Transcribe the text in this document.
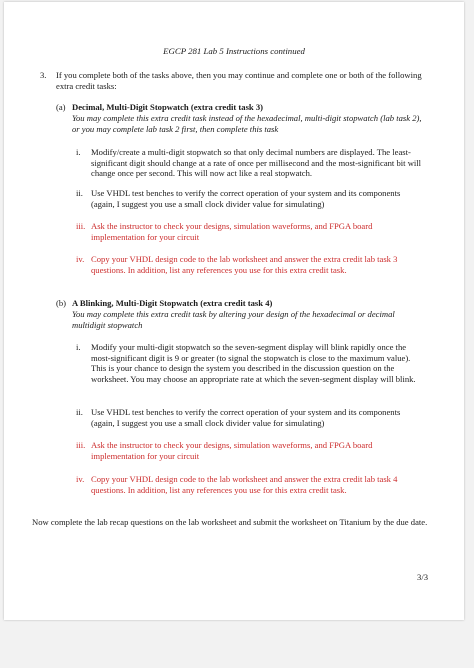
EGCP 281 Lab 5 Instructions continued

3. If you complete both of the tasks above, then you may continue and complete one or both of the following extra credit tasks:

(a) Decimal, Multi-Digit Stopwatch (extra credit task 3)

You may complete this extra credit task instead of the hexadecimal, multi-digit stopwatch (lab task 2), or you may complete lab task 2 first, then complete this task

i. Modify/create a multi-digit stopwatch so that only decimal numbers are displayed. The least-significant digit should change at a rate of once per millisecond and the most-significant bit will change once per second. This will now act like a real stopwatch.

ii. Use VHDL test benches to verify the correct operation of your system and its components (again, I suggest you use a small clock divider value for simulating)

iii. Ask the instructor to check your designs, simulation waveforms, and FPGA board implementation for your circuit

iv. Copy your VHDL design code to the lab worksheet and answer the extra credit lab task 3 questions. In addition, list any references you use for this extra credit task.

(b) A Blinking, Multi-Digit Stopwatch (extra credit task 4)

You may complete this extra credit task by altering your design of the hexadecimal or decimal multidigit stopwatch

i. Modify your multi-digit stopwatch so the seven-segment display will blink rapidly once the most-significant digit is 9 or greater (to signal the stopwatch is close to the maximum value). This is your chance to design the system you described in the discussion question on the worksheet. You may choose an appropriate rate at which the seven-segment display will blink.

ii. Use VHDL test benches to verify the correct operation of your system and its components (again, I suggest you use a small clock divider value for simulating)

iii. Ask the instructor to check your designs, simulation waveforms, and FPGA board implementation for your circuit

iv. Copy your VHDL design code to the lab worksheet and answer the extra credit lab task 4 questions. In addition, list any references you use for this extra credit task.

Now complete the lab recap questions on the lab worksheet and submit the worksheet on Titanium by the due date.

3/3
